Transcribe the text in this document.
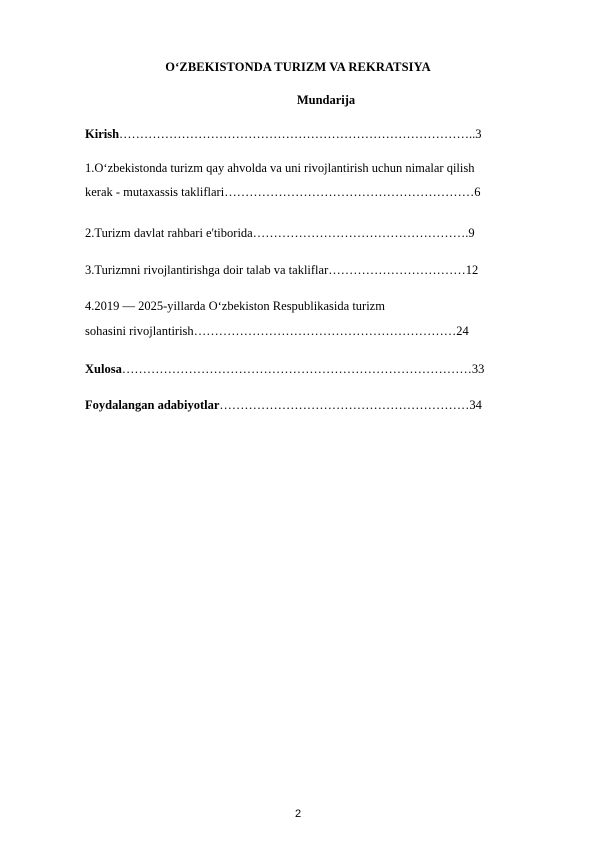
O‘ZBEKISTONDA TURIZM VA REKRATSIYA
Mundarija
Kirish…………………………………………………………………………..3
1.O‘zbekistonda turizm qay ahvolda va uni rivojlantirish uchun nimalar qilish
kerak - mutaxassis takliflari……………………………………………………6
2.Turizm davlat rahbari e'tiborida…………………………………………….9
3.Turizmni rivojlantirishga doir talab va takliflar……………………………12
4.2019 — 2025-yillarda O‘zbekiston Respublikasida turizm
sohasini rivojlantirish………………………………………………………24
Xulosa…………………………………………………………………………33
Foydalangan adabiyotlar……………………………………………………34
2
